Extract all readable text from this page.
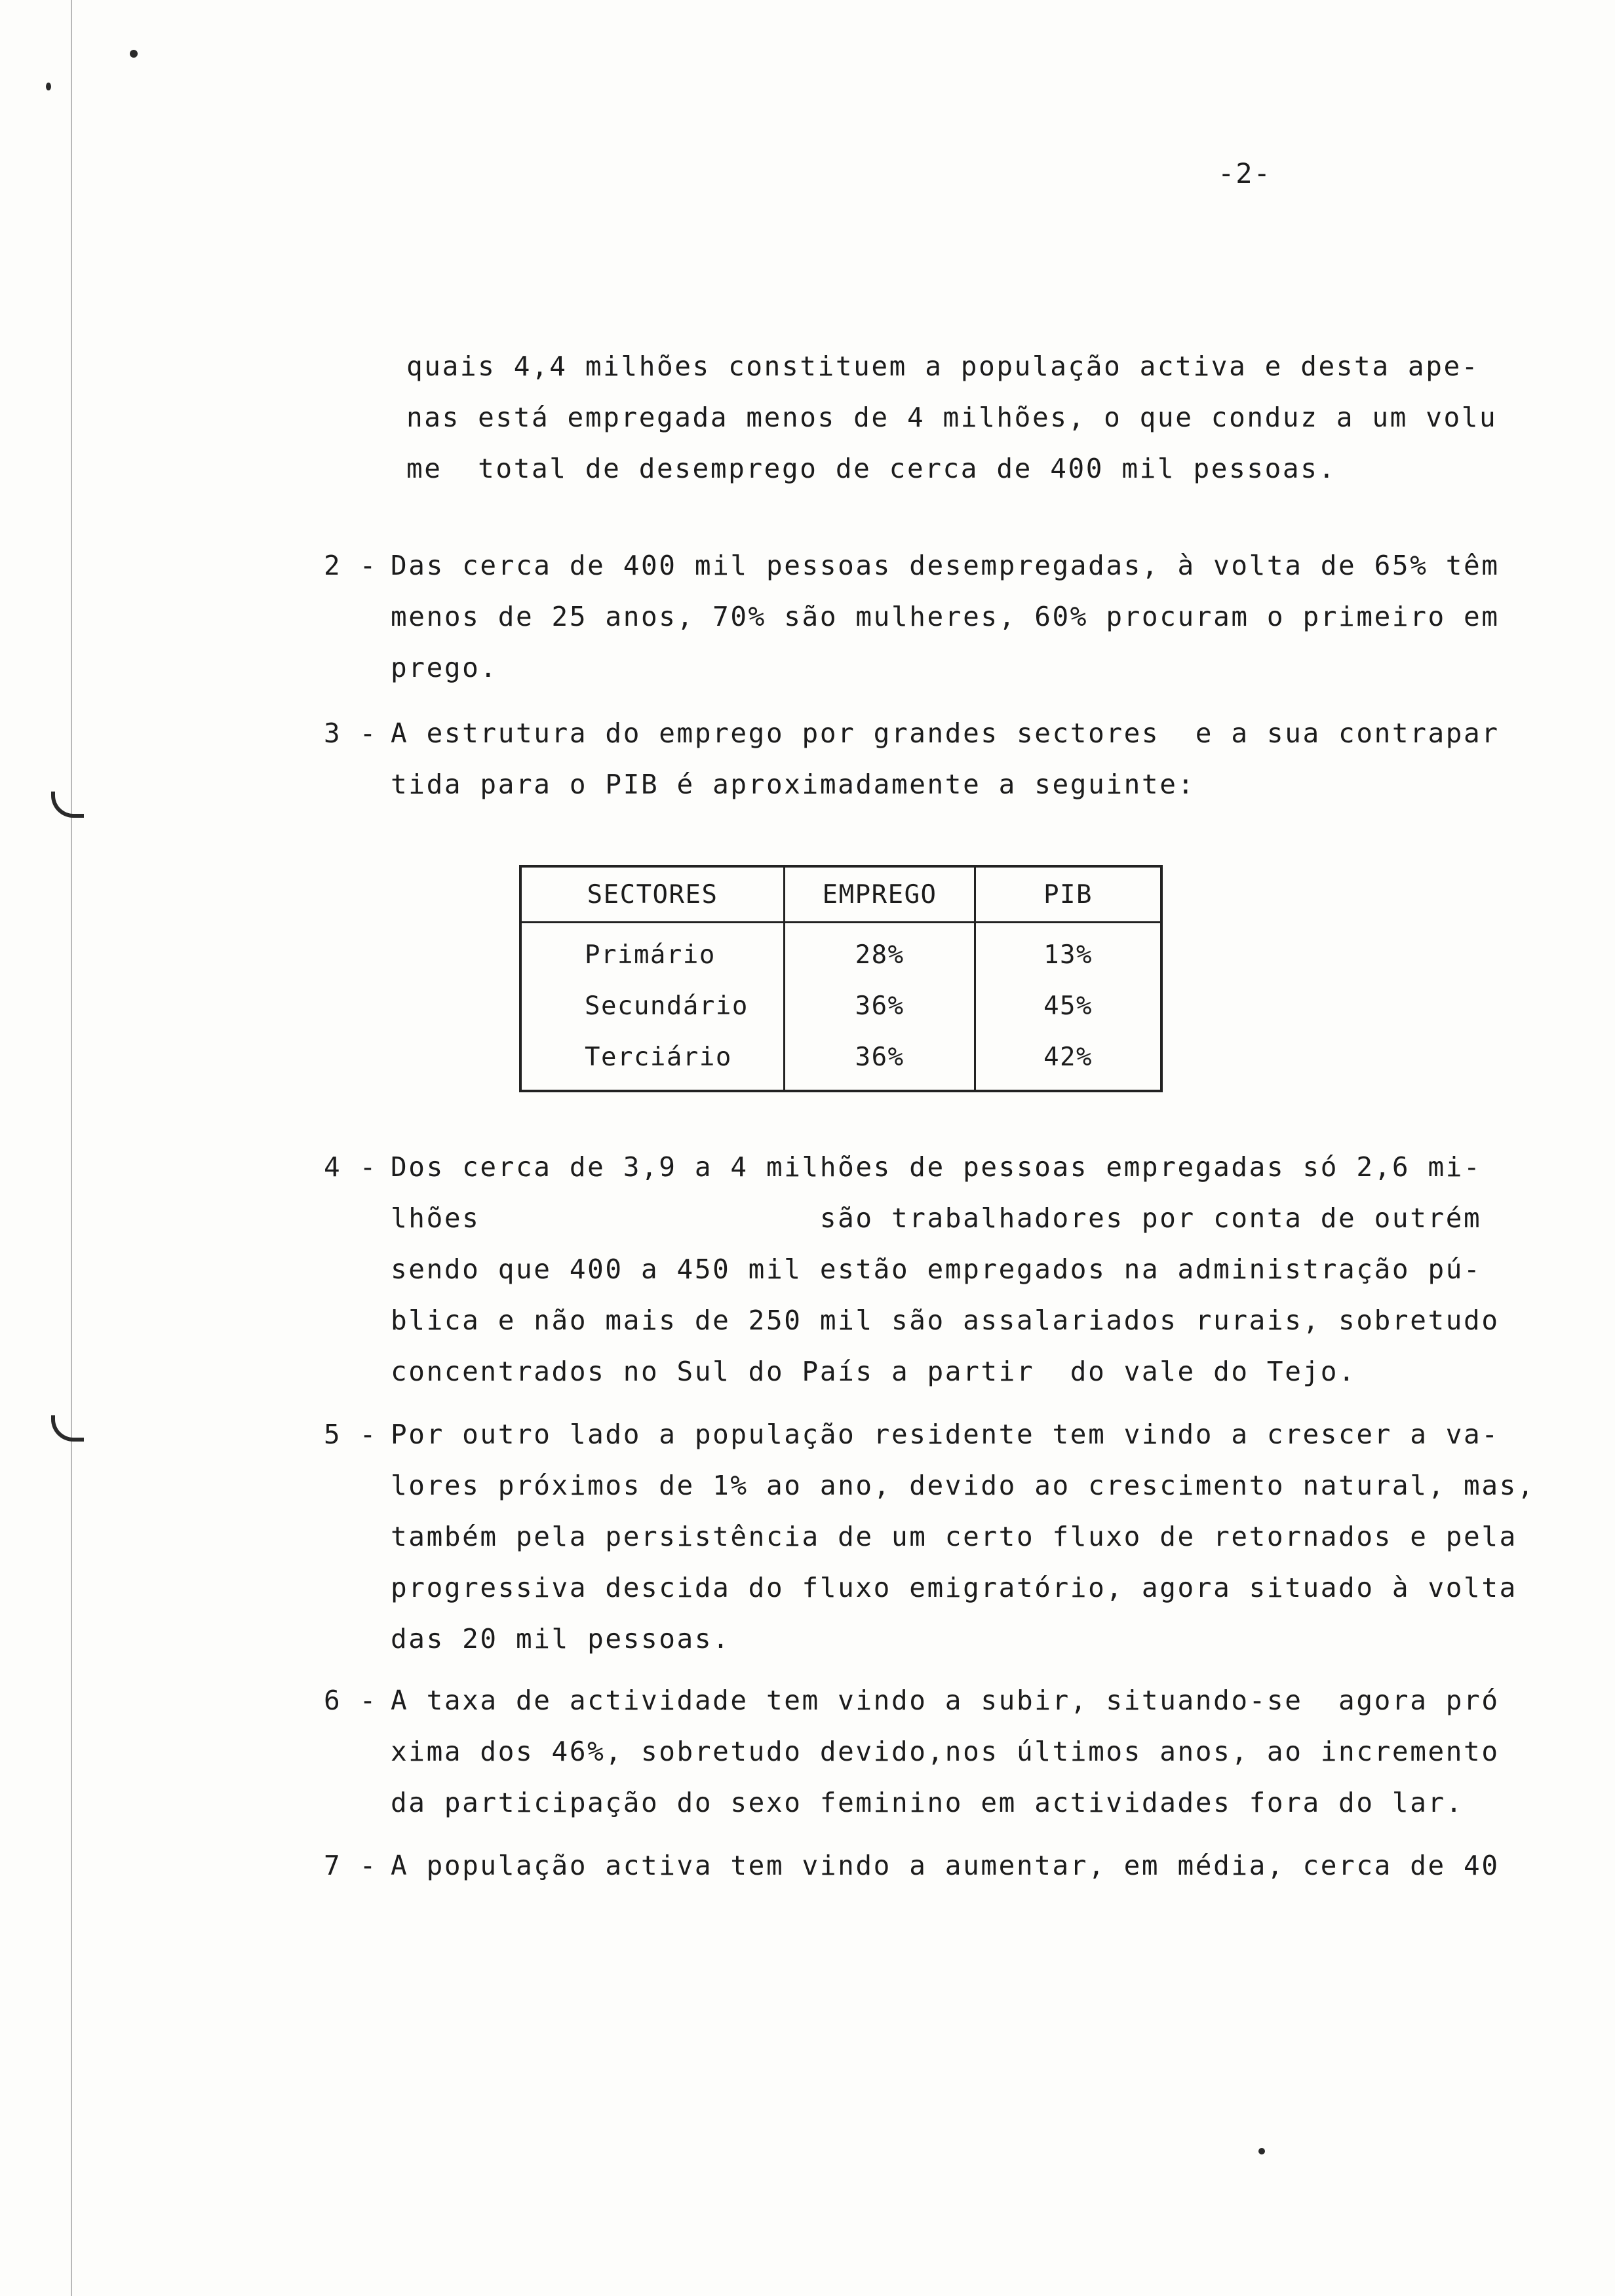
-2-
quais 4,4 milhões constituem a população activa e desta ape-
nas está empregada menos de 4 milhões, o que conduz a um volu
me  total de desemprego de cerca de 400 mil pessoas.
2 - Das cerca de 400 mil pessoas desempregadas, à volta de 65% têm
menos de 25 anos, 70% são mulheres, 60% procuram o primeiro em
prego.
3 - A estrutura do emprego por grandes sectores  e a sua contrapar
tida para o PIB é aproximadamente a seguinte:
SECTORES	EMPREGO	PIB
Primário	28%	13%
Secundário	36%	45%
Terciário	36%	42%
4 - Dos cerca de 3,9 a 4 milhões de pessoas empregadas só 2,6 mi-
lhões                   são trabalhadores por conta de outrém
sendo que 400 a 450 mil estão empregados na administração pú-
blica e não mais de 250 mil são assalariados rurais, sobretudo
concentrados no Sul do País a partir  do vale do Tejo.
5 - Por outro lado a população residente tem vindo a crescer a va-
lores próximos de 1% ao ano, devido ao crescimento natural, mas,
também pela persistência de um certo fluxo de retornados e pela
progressiva descida do fluxo emigratório, agora situado à volta
das 20 mil pessoas.
6 - A taxa de actividade tem vindo a subir, situando-se  agora pró
xima dos 46%, sobretudo devido,nos últimos anos, ao incremento
da participação do sexo feminino em actividades fora do lar.
7 - A população activa tem vindo a aumentar, em média, cerca de 40
